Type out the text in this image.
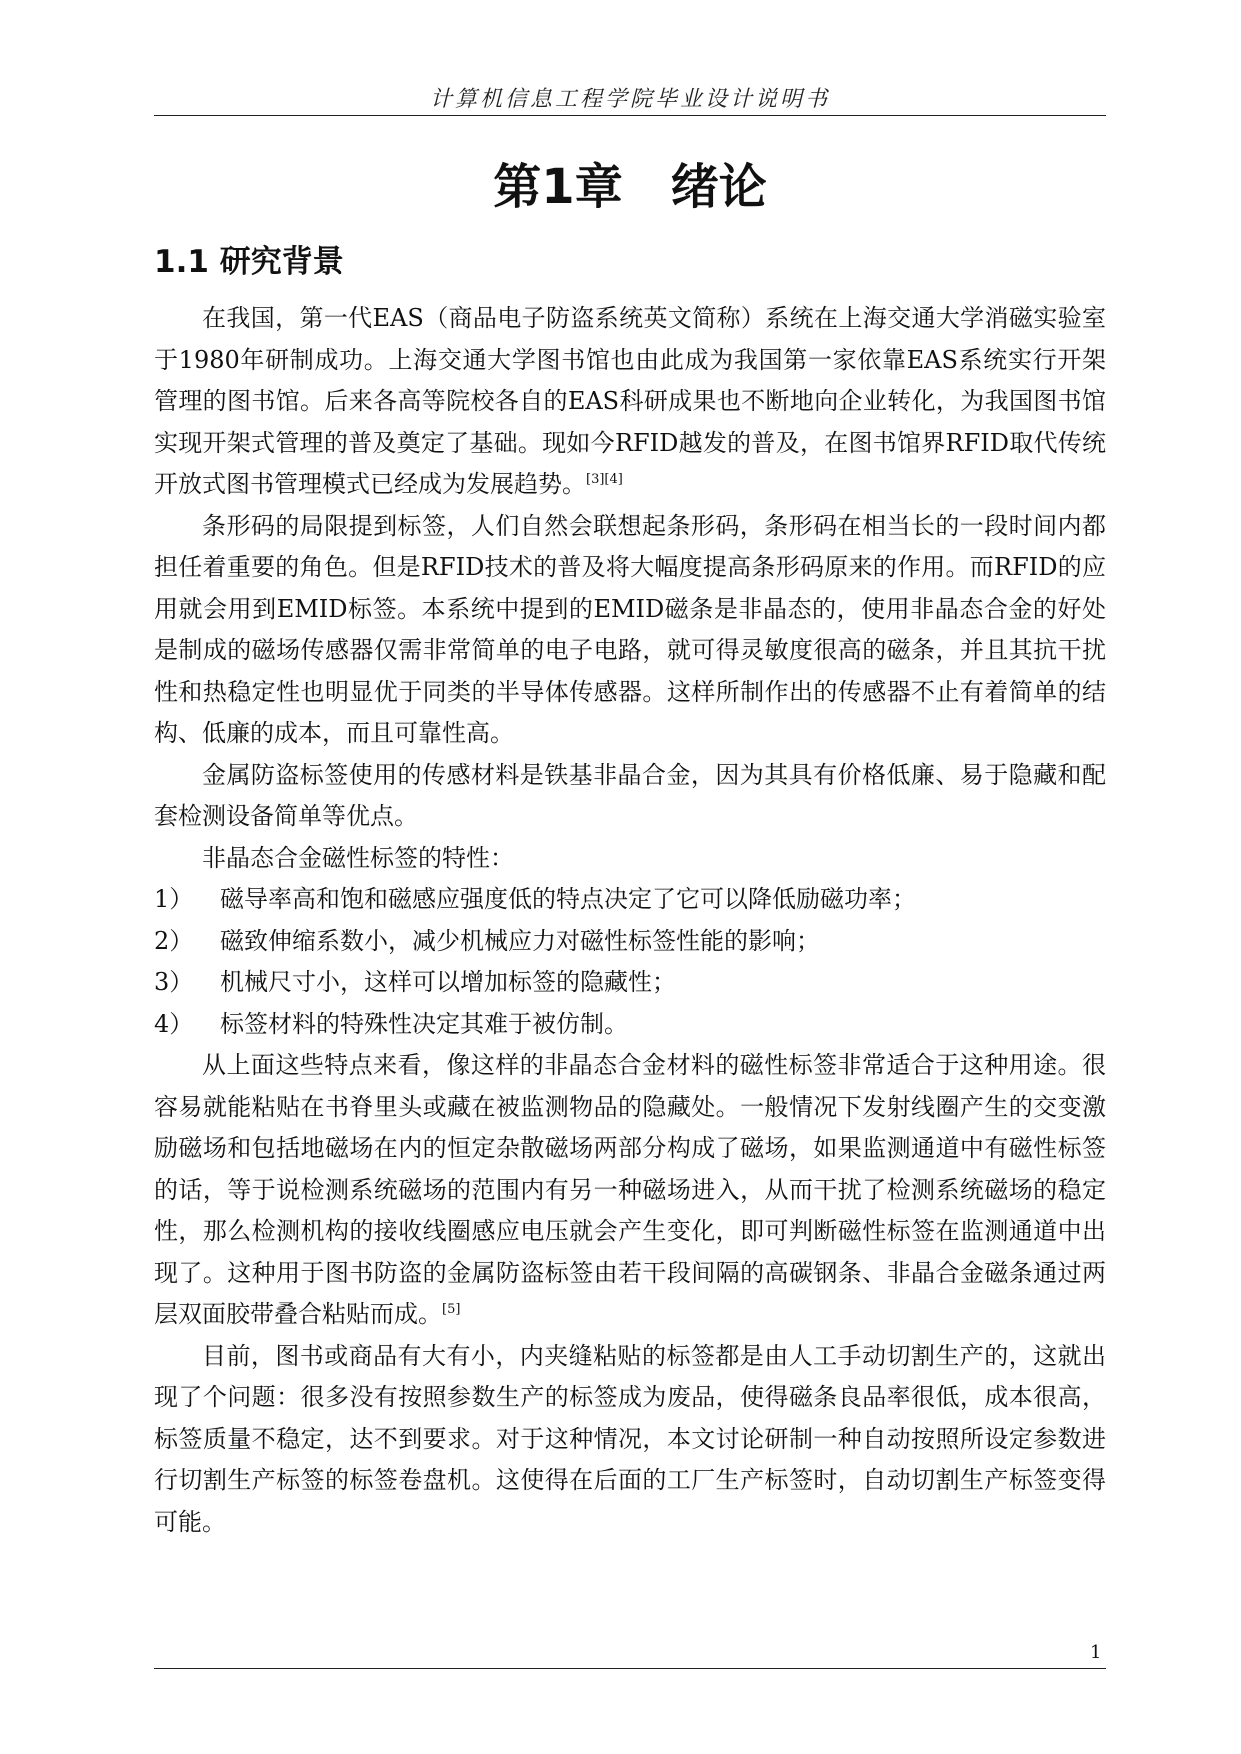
计算机信息工程学院毕业设计说明书
第1章　绪论
1.1 研究背景

在我国，第一代EAS（商品电子防盗系统英文简称）系统在上海交通大学消磁实验室于1980年研制成功。上海交通大学图书馆也由此成为我国第一家依靠EAS系统实行开架管理的图书馆。后来各高等院校各自的EAS科研成果也不断地向企业转化，为我国图书馆实现开架式管理的普及奠定了基础。现如今RFID越发的普及，在图书馆界RFID取代传统开放式图书管理模式已经成为发展趋势。[3][4]

条形码的局限提到标签，人们自然会联想起条形码，条形码在相当长的一段时间内都担任着重要的角色。但是RFID技术的普及将大幅度提高条形码原来的作用。而RFID的应用就会用到EMID标签。本系统中提到的EMID磁条是非晶态的，使用非晶态合金的好处是制成的磁场传感器仅需非常简单的电子电路，就可得灵敏度很高的磁条，并且其抗干扰性和热稳定性也明显优于同类的半导体传感器。这样所制作出的传感器不止有着简单的结构、低廉的成本，而且可靠性高。

金属防盗标签使用的传感材料是铁基非晶合金，因为其具有价格低廉、易于隐藏和配套检测设备简单等优点。

非晶态合金磁性标签的特性：

1）	磁导率高和饱和磁感应强度低的特点决定了它可以降低励磁功率；
2）	磁致伸缩系数小，减少机械应力对磁性标签性能的影响；
3）	机械尺寸小，这样可以增加标签的隐藏性；
4）	标签材料的特殊性决定其难于被仿制。

从上面这些特点来看，像这样的非晶态合金材料的磁性标签非常适合于这种用途。很容易就能粘贴在书脊里头或藏在被监测物品的隐藏处。一般情况下发射线圈产生的交变激励磁场和包括地磁场在内的恒定杂散磁场两部分构成了磁场，如果监测通道中有磁性标签的话，等于说检测系统磁场的范围内有另一种磁场进入，从而干扰了检测系统磁场的稳定性，那么检测机构的接收线圈感应电压就会产生变化，即可判断磁性标签在监测通道中出现了。这种用于图书防盗的金属防盗标签由若干段间隔的高碳钢条、非晶合金磁条通过两层双面胶带叠合粘贴而成。[5]

目前，图书或商品有大有小，内夹缝粘贴的标签都是由人工手动切割生产的，这就出现了个问题：很多没有按照参数生产的标签成为废品，使得磁条良品率很低，成本很高，标签质量不稳定，达不到要求。对于这种情况，本文讨论研制一种自动按照所设定参数进行切割生产标签的标签卷盘机。这使得在后面的工厂生产标签时，自动切割生产标签变得可能。

1
